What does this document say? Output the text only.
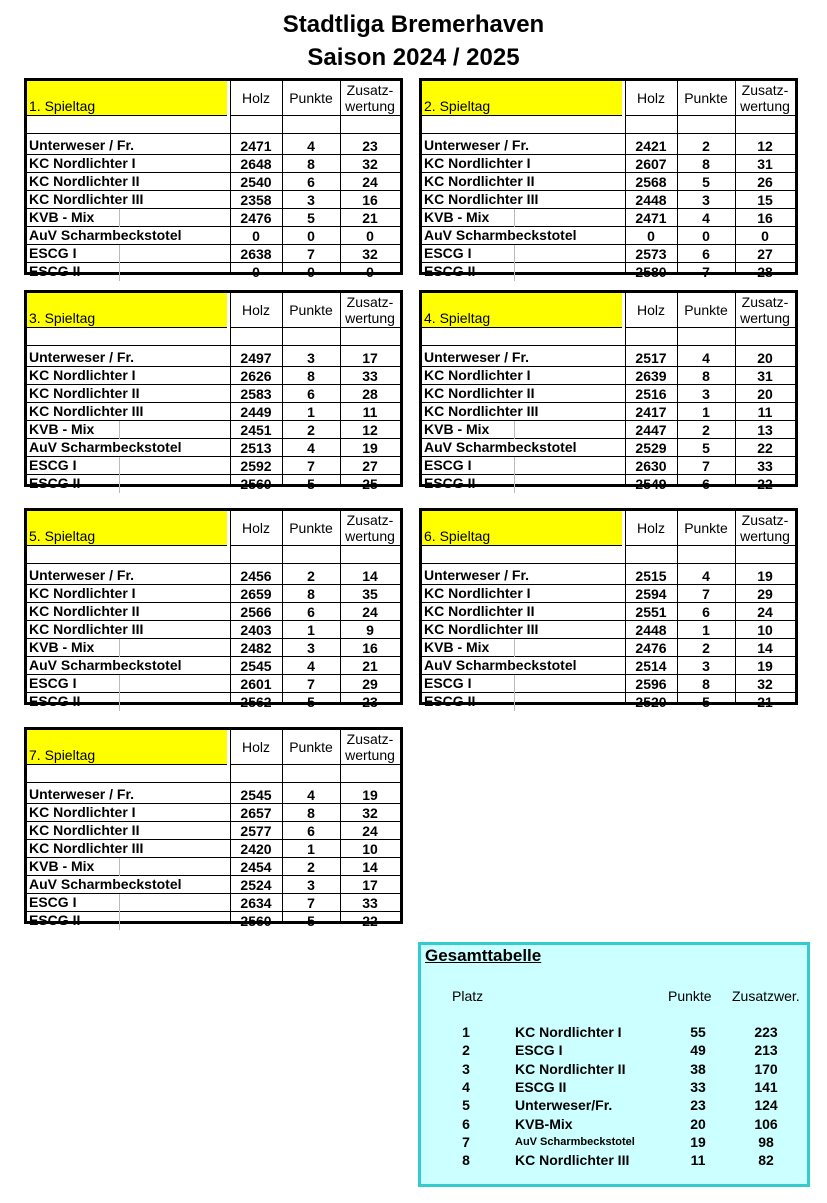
Stadtliga Bremerhaven
Saison 2024 / 2025
1. Spieltag	Holz	Punkte Zusatz-
wertung
Unterweser / Fr.	2471	4	23
KC Nordlichter I	2648	8	32
KC Nordlichter II	2540	6	24
KC Nordlichter III	2358	3	16
KVB - Mix	2476	5	21
AuV Scharmbeckstotel	0	0	0
ESCG I	2638	7	32
ESCG II	0	0	0
2. Spieltag	Holz	Punkte Zusatz-
wertung
Unterweser / Fr.	2421	2	12
KC Nordlichter I	2607	8	31
KC Nordlichter II	2568	5	26
KC Nordlichter III	2448	3	15
KVB - Mix	2471	4	16
AuV Scharmbeckstotel	0	0	0
ESCG I	2573	6	27
ESCG II	2580	7	28
3. Spieltag	Holz	Punkte Zusatz-
wertung
Unterweser / Fr.	2497	3	17
KC Nordlichter I	2626	8	33
KC Nordlichter II	2583	6	28
KC Nordlichter III	2449	1	11
KVB - Mix	2451	2	12
AuV Scharmbeckstotel	2513	4	19
ESCG I	2592	7	27
ESCG II	2560	5	25
4. Spieltag	Holz	Punkte Zusatz-
wertung
Unterweser / Fr.	2517	4	20
KC Nordlichter I	2639	8	31
KC Nordlichter II	2516	3	20
KC Nordlichter III	2417	1	11
KVB - Mix	2447	2	13
AuV Scharmbeckstotel	2529	5	22
ESCG I	2630	7	33
ESCG II	2549	6	22
5. Spieltag	Holz	Punkte Zusatz-
wertung
Unterweser / Fr.	2456	2	14
KC Nordlichter I	2659	8	35
KC Nordlichter II	2566	6	24
KC Nordlichter III	2403	1	9
KVB - Mix	2482	3	16
AuV Scharmbeckstotel	2545	4	21
ESCG I	2601	7	29
ESCG II	2562	5	23
6. Spieltag	Holz	Punkte Zusatz-
wertung
Unterweser / Fr.	2515	4	19
KC Nordlichter I	2594	7	29
KC Nordlichter II	2551	6	24
KC Nordlichter III	2448	1	10
KVB - Mix	2476	2	14
AuV Scharmbeckstotel	2514	3	19
ESCG I	2596	8	32
ESCG II	2520	5	21
7. Spieltag	Holz	Punkte Zusatz-
wertung
Unterweser / Fr.	2545	4	19
KC Nordlichter I	2657	8	32
KC Nordlichter II	2577	6	24
KC Nordlichter III	2420	1	10
KVB - Mix	2454	2	14
AuV Scharmbeckstotel	2524	3	17
ESCG I	2634	7	33
ESCG II	2560	5	22
Gesamttabelle
Platz	Punkte Zusatzwer.
1	KC Nordlichter I	55	223
2	ESCG I	49	213
3	KC Nordlichter II	38	170
4	ESCG II	33	141
5	Unterweser/Fr.	23	124
6	KVB-Mix	20	106
7	AuV Scharmbeckstotel	19	98
8	KC Nordlichter III	11	82
